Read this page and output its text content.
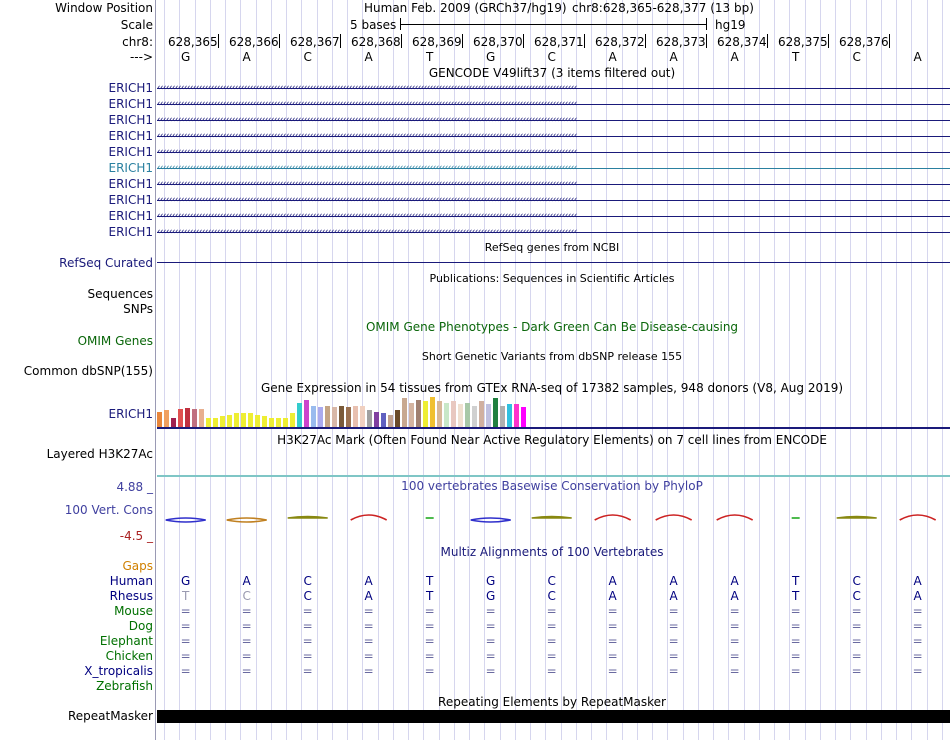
Window Position	Human Feb. 2009 (GRCh37/hg19) chr8:628,365-628,377 (13 bp)
Scale	5 bases	hg19
chr8: 628,365 628,366 628,367 628,368 628,369 628,370 628,371 628,372 628,373 628,374 628,375 628,376
---> G	A	C	A	T	G	C	A	A	A	T	C	A
GENCODE V49lift37 (3 items filtered out)
ERICH1 ‹‹‹‹‹‹‹‹‹‹‹‹‹‹‹‹‹‹‹‹‹‹‹‹‹‹‹‹‹‹‹‹‹‹‹‹‹‹‹‹‹‹‹‹‹‹‹‹‹‹‹‹‹‹‹‹‹‹‹‹‹‹‹‹‹‹‹‹‹‹‹‹‹‹‹‹‹‹‹‹‹‹‹‹‹‹‹‹‹‹‹‹‹‹‹‹‹‹‹‹‹‹‹‹‹‹‹‹‹‹‹‹‹‹‹‹‹‹‹‹‹‹‹‹‹‹‹‹‹‹‹‹‹‹‹‹‹‹‹‹
ERICH1 ‹‹‹‹‹‹‹‹‹‹‹‹‹‹‹‹‹‹‹‹‹‹‹‹‹‹‹‹‹‹‹‹‹‹‹‹‹‹‹‹‹‹‹‹‹‹‹‹‹‹‹‹‹‹‹‹‹‹‹‹‹‹‹‹‹‹‹‹‹‹‹‹‹‹‹‹‹‹‹‹‹‹‹‹‹‹‹‹‹‹‹‹‹‹‹‹‹‹‹‹‹‹‹‹‹‹‹‹‹‹‹‹‹‹‹‹‹‹‹‹‹‹‹‹‹‹‹‹‹‹‹‹‹‹‹‹‹‹‹‹
ERICH1 ‹‹‹‹‹‹‹‹‹‹‹‹‹‹‹‹‹‹‹‹‹‹‹‹‹‹‹‹‹‹‹‹‹‹‹‹‹‹‹‹‹‹‹‹‹‹‹‹‹‹‹‹‹‹‹‹‹‹‹‹‹‹‹‹‹‹‹‹‹‹‹‹‹‹‹‹‹‹‹‹‹‹‹‹‹‹‹‹‹‹‹‹‹‹‹‹‹‹‹‹‹‹‹‹‹‹‹‹‹‹‹‹‹‹‹‹‹‹‹‹‹‹‹‹‹‹‹‹‹‹‹‹‹‹‹‹‹‹‹‹
ERICH1 ‹‹‹‹‹‹‹‹‹‹‹‹‹‹‹‹‹‹‹‹‹‹‹‹‹‹‹‹‹‹‹‹‹‹‹‹‹‹‹‹‹‹‹‹‹‹‹‹‹‹‹‹‹‹‹‹‹‹‹‹‹‹‹‹‹‹‹‹‹‹‹‹‹‹‹‹‹‹‹‹‹‹‹‹‹‹‹‹‹‹‹‹‹‹‹‹‹‹‹‹‹‹‹‹‹‹‹‹‹‹‹‹‹‹‹‹‹‹‹‹‹‹‹‹‹‹‹‹‹‹‹‹‹‹‹‹‹‹‹‹
ERICH1 ‹‹‹‹‹‹‹‹‹‹‹‹‹‹‹‹‹‹‹‹‹‹‹‹‹‹‹‹‹‹‹‹‹‹‹‹‹‹‹‹‹‹‹‹‹‹‹‹‹‹‹‹‹‹‹‹‹‹‹‹‹‹‹‹‹‹‹‹‹‹‹‹‹‹‹‹‹‹‹‹‹‹‹‹‹‹‹‹‹‹‹‹‹‹‹‹‹‹‹‹‹‹‹‹‹‹‹‹‹‹‹‹‹‹‹‹‹‹‹‹‹‹‹‹‹‹‹‹‹‹‹‹‹‹‹‹‹‹‹‹
ERICH1 ‹‹‹‹‹‹‹‹‹‹‹‹‹‹‹‹‹‹‹‹‹‹‹‹‹‹‹‹‹‹‹‹‹‹‹‹‹‹‹‹‹‹‹‹‹‹‹‹‹‹‹‹‹‹‹‹‹‹‹‹‹‹‹‹‹‹‹‹‹‹‹‹‹‹‹‹‹‹‹‹‹‹‹‹‹‹‹‹‹‹‹‹‹‹‹‹‹‹‹‹‹‹‹‹‹‹‹‹‹‹‹‹‹‹‹‹‹‹‹‹‹‹‹‹‹‹‹‹‹‹‹‹‹‹‹‹‹‹‹‹
ERICH1 ‹‹‹‹‹‹‹‹‹‹‹‹‹‹‹‹‹‹‹‹‹‹‹‹‹‹‹‹‹‹‹‹‹‹‹‹‹‹‹‹‹‹‹‹‹‹‹‹‹‹‹‹‹‹‹‹‹‹‹‹‹‹‹‹‹‹‹‹‹‹‹‹‹‹‹‹‹‹‹‹‹‹‹‹‹‹‹‹‹‹‹‹‹‹‹‹‹‹‹‹‹‹‹‹‹‹‹‹‹‹‹‹‹‹‹‹‹‹‹‹‹‹‹‹‹‹‹‹‹‹‹‹‹‹‹‹‹‹‹‹
ERICH1 ‹‹‹‹‹‹‹‹‹‹‹‹‹‹‹‹‹‹‹‹‹‹‹‹‹‹‹‹‹‹‹‹‹‹‹‹‹‹‹‹‹‹‹‹‹‹‹‹‹‹‹‹‹‹‹‹‹‹‹‹‹‹‹‹‹‹‹‹‹‹‹‹‹‹‹‹‹‹‹‹‹‹‹‹‹‹‹‹‹‹‹‹‹‹‹‹‹‹‹‹‹‹‹‹‹‹‹‹‹‹‹‹‹‹‹‹‹‹‹‹‹‹‹‹‹‹‹‹‹‹‹‹‹‹‹‹‹‹‹‹
ERICH1 ‹‹‹‹‹‹‹‹‹‹‹‹‹‹‹‹‹‹‹‹‹‹‹‹‹‹‹‹‹‹‹‹‹‹‹‹‹‹‹‹‹‹‹‹‹‹‹‹‹‹‹‹‹‹‹‹‹‹‹‹‹‹‹‹‹‹‹‹‹‹‹‹‹‹‹‹‹‹‹‹‹‹‹‹‹‹‹‹‹‹‹‹‹‹‹‹‹‹‹‹‹‹‹‹‹‹‹‹‹‹‹‹‹‹‹‹‹‹‹‹‹‹‹‹‹‹‹‹‹‹‹‹‹‹‹‹‹‹‹‹
ERICH1 ‹‹‹‹‹‹‹‹‹‹‹‹‹‹‹‹‹‹‹‹‹‹‹‹‹‹‹‹‹‹‹‹‹‹‹‹‹‹‹‹‹‹‹‹‹‹‹‹‹‹‹‹‹‹‹‹‹‹‹‹‹‹‹‹‹‹‹‹‹‹‹‹‹‹‹‹‹‹‹‹‹‹‹‹‹‹‹‹‹‹‹‹‹‹‹‹‹‹‹‹‹‹‹‹‹‹‹‹‹‹‹‹‹‹‹‹‹‹‹‹‹‹‹‹‹‹‹‹‹‹‹‹‹‹‹‹‹‹‹‹
RefSeq genes from NCBI
RefSeq Curated
Publications: Sequences in Scientific Articles
Sequences
SNPs
OMIM Gene Phenotypes - Dark Green Can Be Disease-causing
OMIM Genes
Short Genetic Variants from dbSNP release 155
Common dbSNP(155)
Gene Expression in 54 tissues from GTEx RNA-seq of 17382 samples, 948 donors (V8, Aug 2019)
ERICH1
H3K27Ac Mark (Often Found Near Active Regulatory Elements) on 7 cell lines from ENCODE
Layered H3K27Ac
4.88 _	100 vertebrates Basewise Conservation by PhyloP
100 Vert. Cons
-4.5 _
Multiz Alignments of 100 Vertebrates
Gaps
Human G	A	C	A	T	G	C	A	A	A	T	C	A
Rhesus T	C	C	A	T	G	C	A	A	A	T	C	A
Mouse =	=	=	=	=	=	=	=	=	=	=	=	=
Dog =	=	=	=	=	=	=	=	=	=	=	=	=
Elephant =	=	=	=	=	=	=	=	=	=	=	=	=
Chicken =	=	=	=	=	=	=	=	=	=	=	=	=
X_tropicalis =	=	=	=	=	=	=	=	=	=	=	=	=
Zebrafish
Repeating Elements by RepeatMasker
RepeatMasker
